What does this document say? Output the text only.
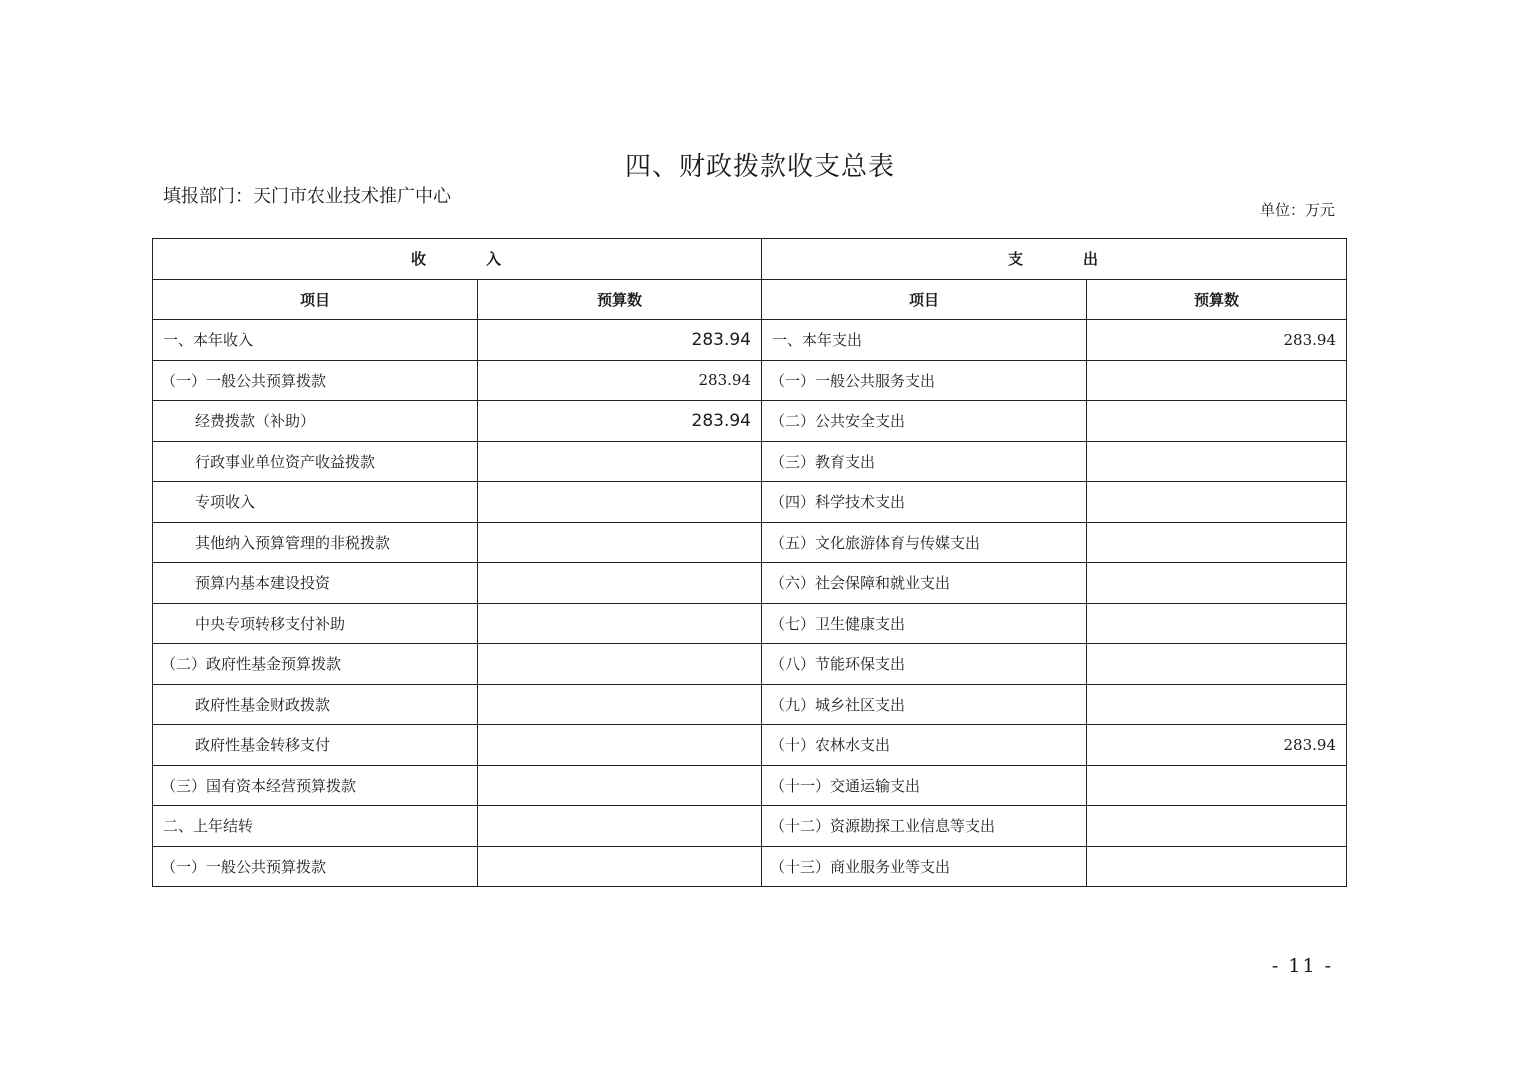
四、财政拨款收支总表
填报部门：天门市农业技术推广中心
单位：万元
收 入		支 出	
项目	预算数	项目	预算数
一、本年收入	283.94	一、本年支出	283.94
（一）一般公共预算拨款	283.94	（一）一般公共服务支出	
经费拨款（补助）	283.94	（二）公共安全支出	
行政事业单位资产收益拨款		（三）教育支出	
专项收入		（四）科学技术支出	
其他纳入预算管理的非税拨款		（五）文化旅游体育与传媒支出	
预算内基本建设投资		（六）社会保障和就业支出	
中央专项转移支付补助		（七）卫生健康支出	
（二）政府性基金预算拨款		（八）节能环保支出	
政府性基金财政拨款		（九）城乡社区支出	
政府性基金转移支付		（十）农林水支出	283.94
（三）国有资本经营预算拨款		（十一）交通运输支出	
二、上年结转		（十二）资源勘探工业信息等支出	
（一）一般公共预算拨款		（十三）商业服务业等支出	
- 11 -
